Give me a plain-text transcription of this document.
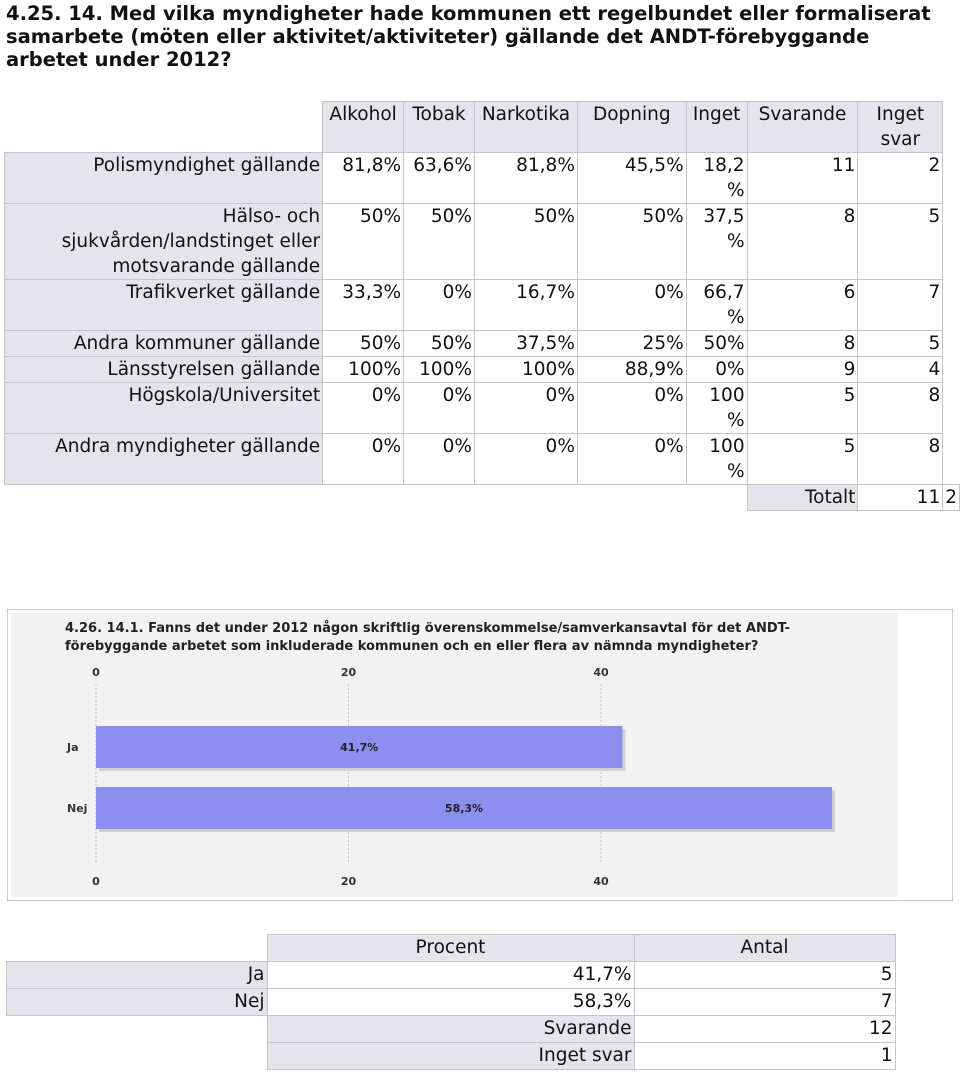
4.25. 14. Med vilka myndigheter hade kommunen ett regelbundet eller formaliserat samarbete (möten eller aktivitet/aktiviteter) gällande det ANDT-förebyggande arbetet under 2012?
	Alkohol	Tobak	Narkotika	Dopning	Inget	Svarande	Inget svar	
Polismyndighet gällande	81,8%	63,6%	81,8%	45,5%	18,2 %	11	2	
Hälso- och sjukvården/landstinget eller motsvarande gällande	50%	50%	50%	50%	37,5 %	8	5	
Trafikverket gällande	33,3%	0%	16,7%	0%	66,7 %	6	7	
Andra kommuner gällande	50%	50%	37,5%	25%	50%	8	5	
Länsstyrelsen gällande	100%	100%	100%	88,9%	0%	9	4	
Högskola/Universitet	0%	0%	0%	0%	100 %	5	8	
Andra myndigheter gällande	0%	0%	0%	0%	100 %	5	8	
						Totalt	11	2
4.26. 14.1. Fanns det under 2012 någon skriftlig överenskommelse/samverkansavtal för det ANDT-förebyggande arbetet som inkluderade kommunen och en eller flera av nämnda myndigheter?
0
0
20
20
40
40
Ja	41,7%
Nej	58,3%
	Procent	Antal
Ja	41,7%	5
Nej	58,3%	7
	Svarande	12
	Inget svar	1
